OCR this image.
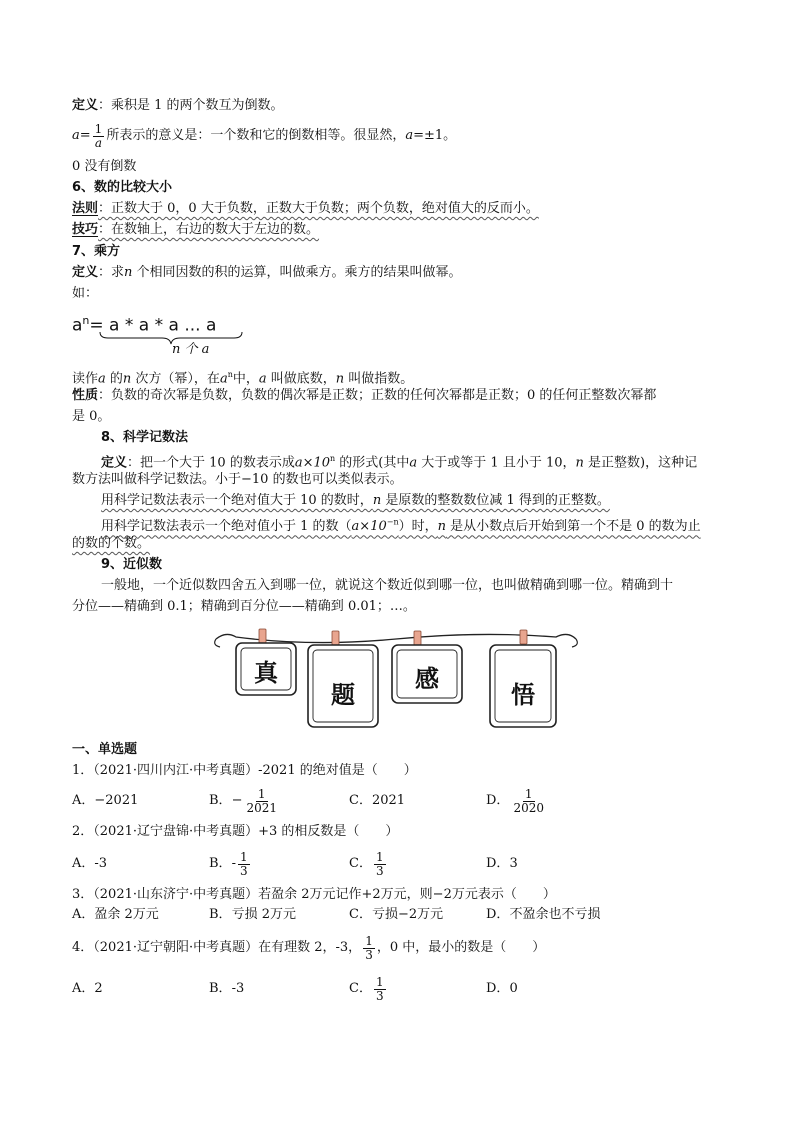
定义：乘积是 1 的两个数互为倒数。
$a = \frac{1}{a}$ 所表示的意义是：一个数和它的倒数相等。很显然， a =±1。
0 没有倒数
6、数的比较大小
法则：正数大于 0，0 大于负数，正数大于负数；两个负数，绝对值大的反而小。
技巧：在数轴上，右边的数大于左边的数。
7、乘方
定义：求n 个相同因数的积的运算，叫做乘方。乘方的结果叫做幂。
如：
$a^n= a * a * a$ ... a
n 个 a
读作a 的n 次方（幂），在$a^n$中，a 叫做底数，n 叫做指数。
性质：负数的奇次幂是负数，负数的偶次幂是正数；正数的任何次幂都是正数；0 的任何正整数次幂都
是 0。
8、科学记数法
定义：把一个大于 10 的数表示成$a\times 10^n$ 的形式(其中a 大于或等于 1 且小于 10，n 是正整数)，这种记
数方法叫做科学记数法。小于−10 的数也可以类似表示。
用科学记数法表示一个绝对值大于 10 的数时，n 是原数的整数数位减 1 得到的正整数。
用科学记数法表示一个绝对值小于 1 的数$(a\times 10^{-n})$时，n 是从小数点后开始到第一个不是 0 的数为止
的数的个数。
9、近似数
一般地，一个近似数四舍五入到哪一位，就说这个数近似到哪一位，也叫做精确到哪一位。精确到十
分位——精确到 0.1；精确到百分位——精确到 0.01；…。
真
题
感
悟
一、单选题
1．（2021·四川内江·中考真题）-2021 的绝对值是（　　）
A．−2021	B． − $\frac{1}{2021}$	C．2021	D． $\frac{1}{2020}$
2．（2021·辽宁盘锦·中考真题）+3 的相反数是（　　）
A．-3	B． - $\frac{1}{3}$	C． $\frac{1}{3}$	D．3
3．（2021·山东济宁·中考真题）若盈余 2万元记作+2万元，则−2万元表示（　　）
A．盈余 2万元	B．亏损 2万元	C．亏损−2万元	D．不盈余也不亏损
4．（2021·辽宁朝阳·中考真题）在有理数 2，-3， $\frac{1}{3}$ ，0 中，最小的数是（　　）
A．2	B．-3	C． $\frac{1}{3}$	D．0
